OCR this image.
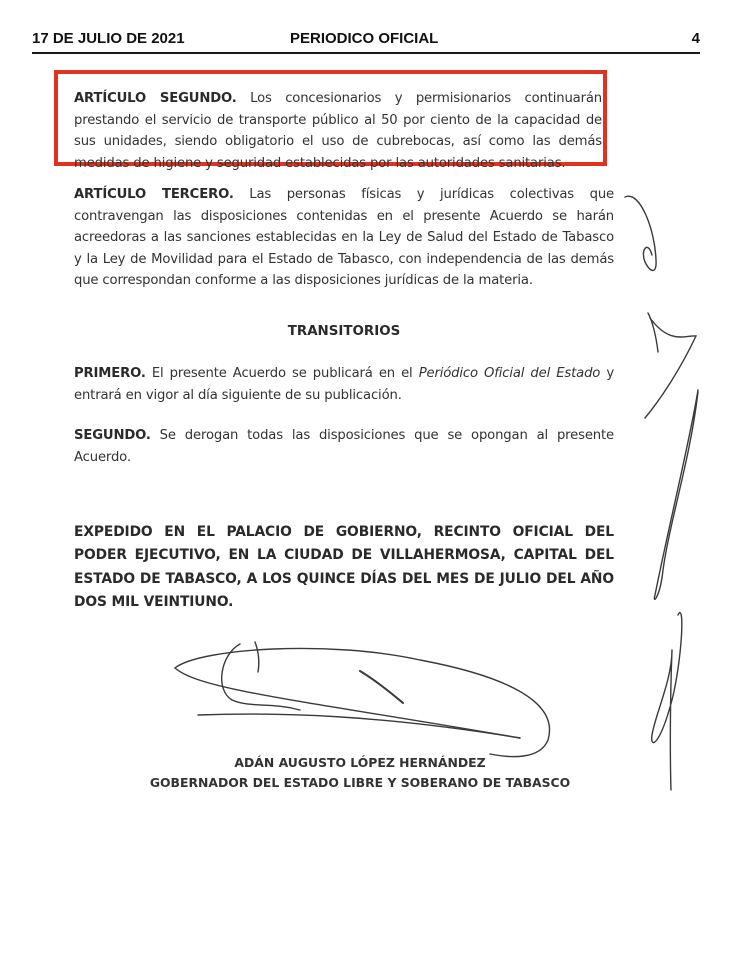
17 DE JULIO DE 2021	PERIODICO OFICIAL	4
ARTÍCULO SEGUNDO. Los concesionarios y permisionarios continuarán prestando el servicio de transporte público al 50 por ciento de la capacidad de sus unidades, siendo obligatorio el uso de cubrebocas, así como las demás medidas de higiene y seguridad establecidas por las autoridades sanitarias.
ARTÍCULO TERCERO. Las personas físicas y jurídicas colectivas que contravengan las disposiciones contenidas en el presente Acuerdo se harán acreedoras a las sanciones establecidas en la Ley de Salud del Estado de Tabasco y la Ley de Movilidad para el Estado de Tabasco, con independencia de las demás que correspondan conforme a las disposiciones jurídicas de la materia.
TRANSITORIOS
PRIMERO. El presente Acuerdo se publicará en el Periódico Oficial del Estado y entrará en vigor al día siguiente de su publicación.
SEGUNDO. Se derogan todas las disposiciones que se opongan al presente Acuerdo.
EXPEDIDO EN EL PALACIO DE GOBIERNO, RECINTO OFICIAL DEL PODER EJECUTIVO, EN LA CIUDAD DE VILLAHERMOSA, CAPITAL DEL ESTADO DE TABASCO, A LOS QUINCE DÍAS DEL MES DE JULIO DEL AÑO DOS MIL VEINTIUNO.
ADÁN AUGUSTO LÓPEZ HERNÁNDEZ
GOBERNADOR DEL ESTADO LIBRE Y SOBERANO DE TABASCO
